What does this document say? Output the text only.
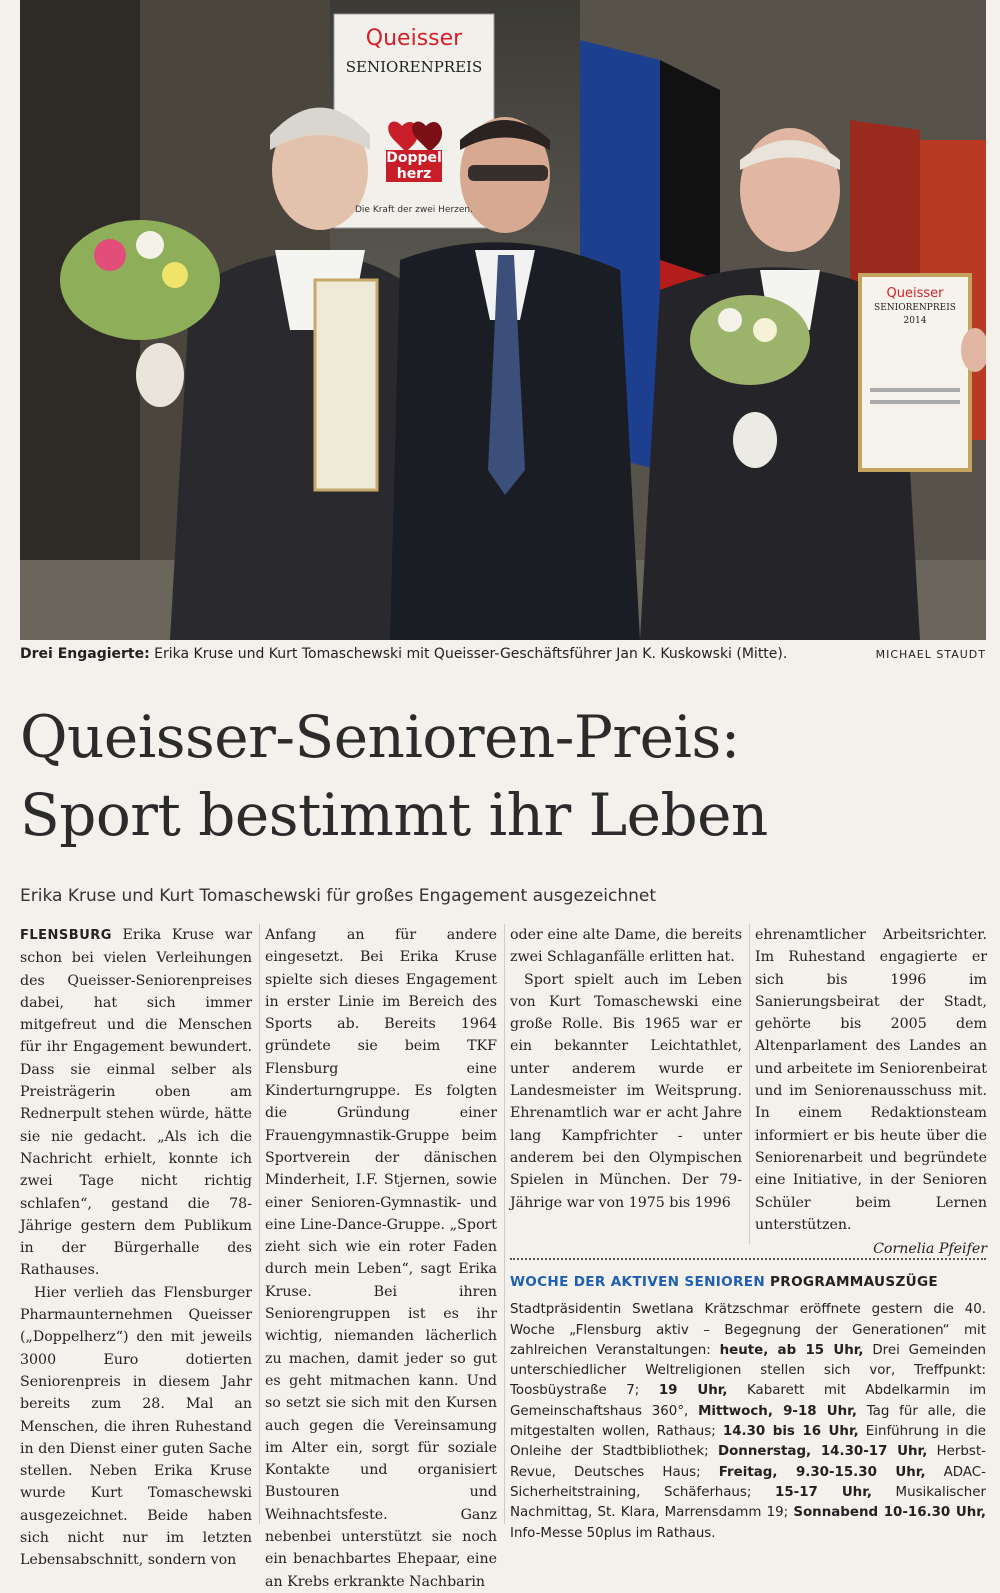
Queisser
SENIORENPREIS
Doppel
herz
Die Kraft der zwei Herzen.
Queisser
SENIORENPREIS
2014
Drei Engagierte: Erika Kruse und Kurt Tomaschewski mit Queisser-Geschäftsführer Jan K. Kuskowski (Mitte).	MICHAEL STAUDT
Queisser-Senioren-Preis:
Sport bestimmt ihr Leben
Erika Kruse und Kurt Tomaschewski für großes Engagement ausgezeichnet

FLENSBURG Erika Kruse war schon bei vielen Verleihungen des Queisser-Seniorenpreises dabei, hat sich immer mitgefreut und die Menschen für ihr Engagement bewundert. Dass sie einmal selber als Preisträgerin oben am Rednerpult stehen würde, hätte sie nie gedacht. „Als ich die Nachricht erhielt, konnte ich zwei Tage nicht richtig schlafen“, gestand die 78-Jährige gestern dem Publikum in der Bürgerhalle des Rathauses.

Hier verlieh das Flensburger Pharmaunternehmen Queisser („Doppelherz“) den mit jeweils 3000 Euro dotierten Seniorenpreis in diesem Jahr bereits zum 28. Mal an Menschen, die ihren Ruhestand in den Dienst einer guten Sache stellen. Neben Erika Kruse wurde Kurt Tomaschewski ausgezeichnet. Beide haben sich nicht nur im letzten Lebensabschnitt, sondern von

Anfang an für andere eingesetzt. Bei Erika Kruse spielte sich dieses Engagement in erster Linie im Bereich des Sports ab. Bereits 1964 gründete sie beim TKF Flensburg eine Kinderturngruppe. Es folgten die Gründung einer Frauengymnastik-Gruppe beim Sportverein der dänischen Minderheit, I.F. Stjernen, sowie einer Senioren-Gymnastik- und eine Line-Dance-Gruppe. „Sport zieht sich wie ein roter Faden durch mein Leben“, sagt Erika Kruse. Bei ihren Seniorengruppen ist es ihr wichtig, niemanden lächerlich zu machen, damit jeder so gut es geht mitmachen kann. Und so setzt sie sich mit den Kursen auch gegen die Vereinsamung im Alter ein, sorgt für soziale Kontakte und organisiert Bustouren und Weihnachtsfeste. Ganz nebenbei unterstützt sie noch ein benachbartes Ehepaar, eine an Krebs erkrankte Nachbarin

oder eine alte Dame, die bereits zwei Schlaganfälle erlitten hat.

Sport spielt auch im Leben von Kurt Tomaschewski eine große Rolle. Bis 1965 war er ein bekannter Leichtathlet, unter anderem wurde er Landesmeister im Weitsprung. Ehrenamtlich war er acht Jahre lang Kampfrichter - unter anderem bei den Olympischen Spielen in München. Der 79-Jährige war von 1975 bis 1996

ehrenamtlicher Arbeitsrichter. Im Ruhestand engagierte er sich bis 1996 im Sanierungsbeirat der Stadt, gehörte bis 2005 dem Altenparlament des Landes an und arbeitete im Seniorenbeirat und im Seniorenausschuss mit. In einem Redaktionsteam informiert er bis heute über die Seniorenarbeit und begründete eine Initiative, in der Senioren Schüler beim Lernen unterstützen.

Cornelia Pfeifer
WOCHE DER AKTIVEN SENIOREN PROGRAMMAUSZÜGE
Stadtpräsidentin Swetlana Krätzschmar eröffnete gestern die 40. Woche „Flensburg aktiv – Begegnung der Generationen“ mit zahlreichen Veranstaltungen: heute, ab 15 Uhr, Drei Gemeinden unterschiedlicher Weltreligionen stellen sich vor, Treffpunkt: Toosbüystraße 7; 19 Uhr, Kabarett mit Abdelkarmin im Gemeinschaftshaus 360°, Mittwoch, 9-18 Uhr, Tag für alle, die mitgestalten wollen, Rathaus; 14.30 bis 16 Uhr, Einführung in die Onleihe der Stadtbibliothek; Donnerstag, 14.30-17 Uhr, Herbst-Revue, Deutsches Haus; Freitag, 9.30-15.30 Uhr, ADAC-Sicherheitstraining, Schäferhaus; 15-17 Uhr, Musikalischer Nachmittag, St. Klara, Marrensdamm 19; Sonnabend 10-16.30 Uhr, Info-Messe 50plus im Rathaus.
